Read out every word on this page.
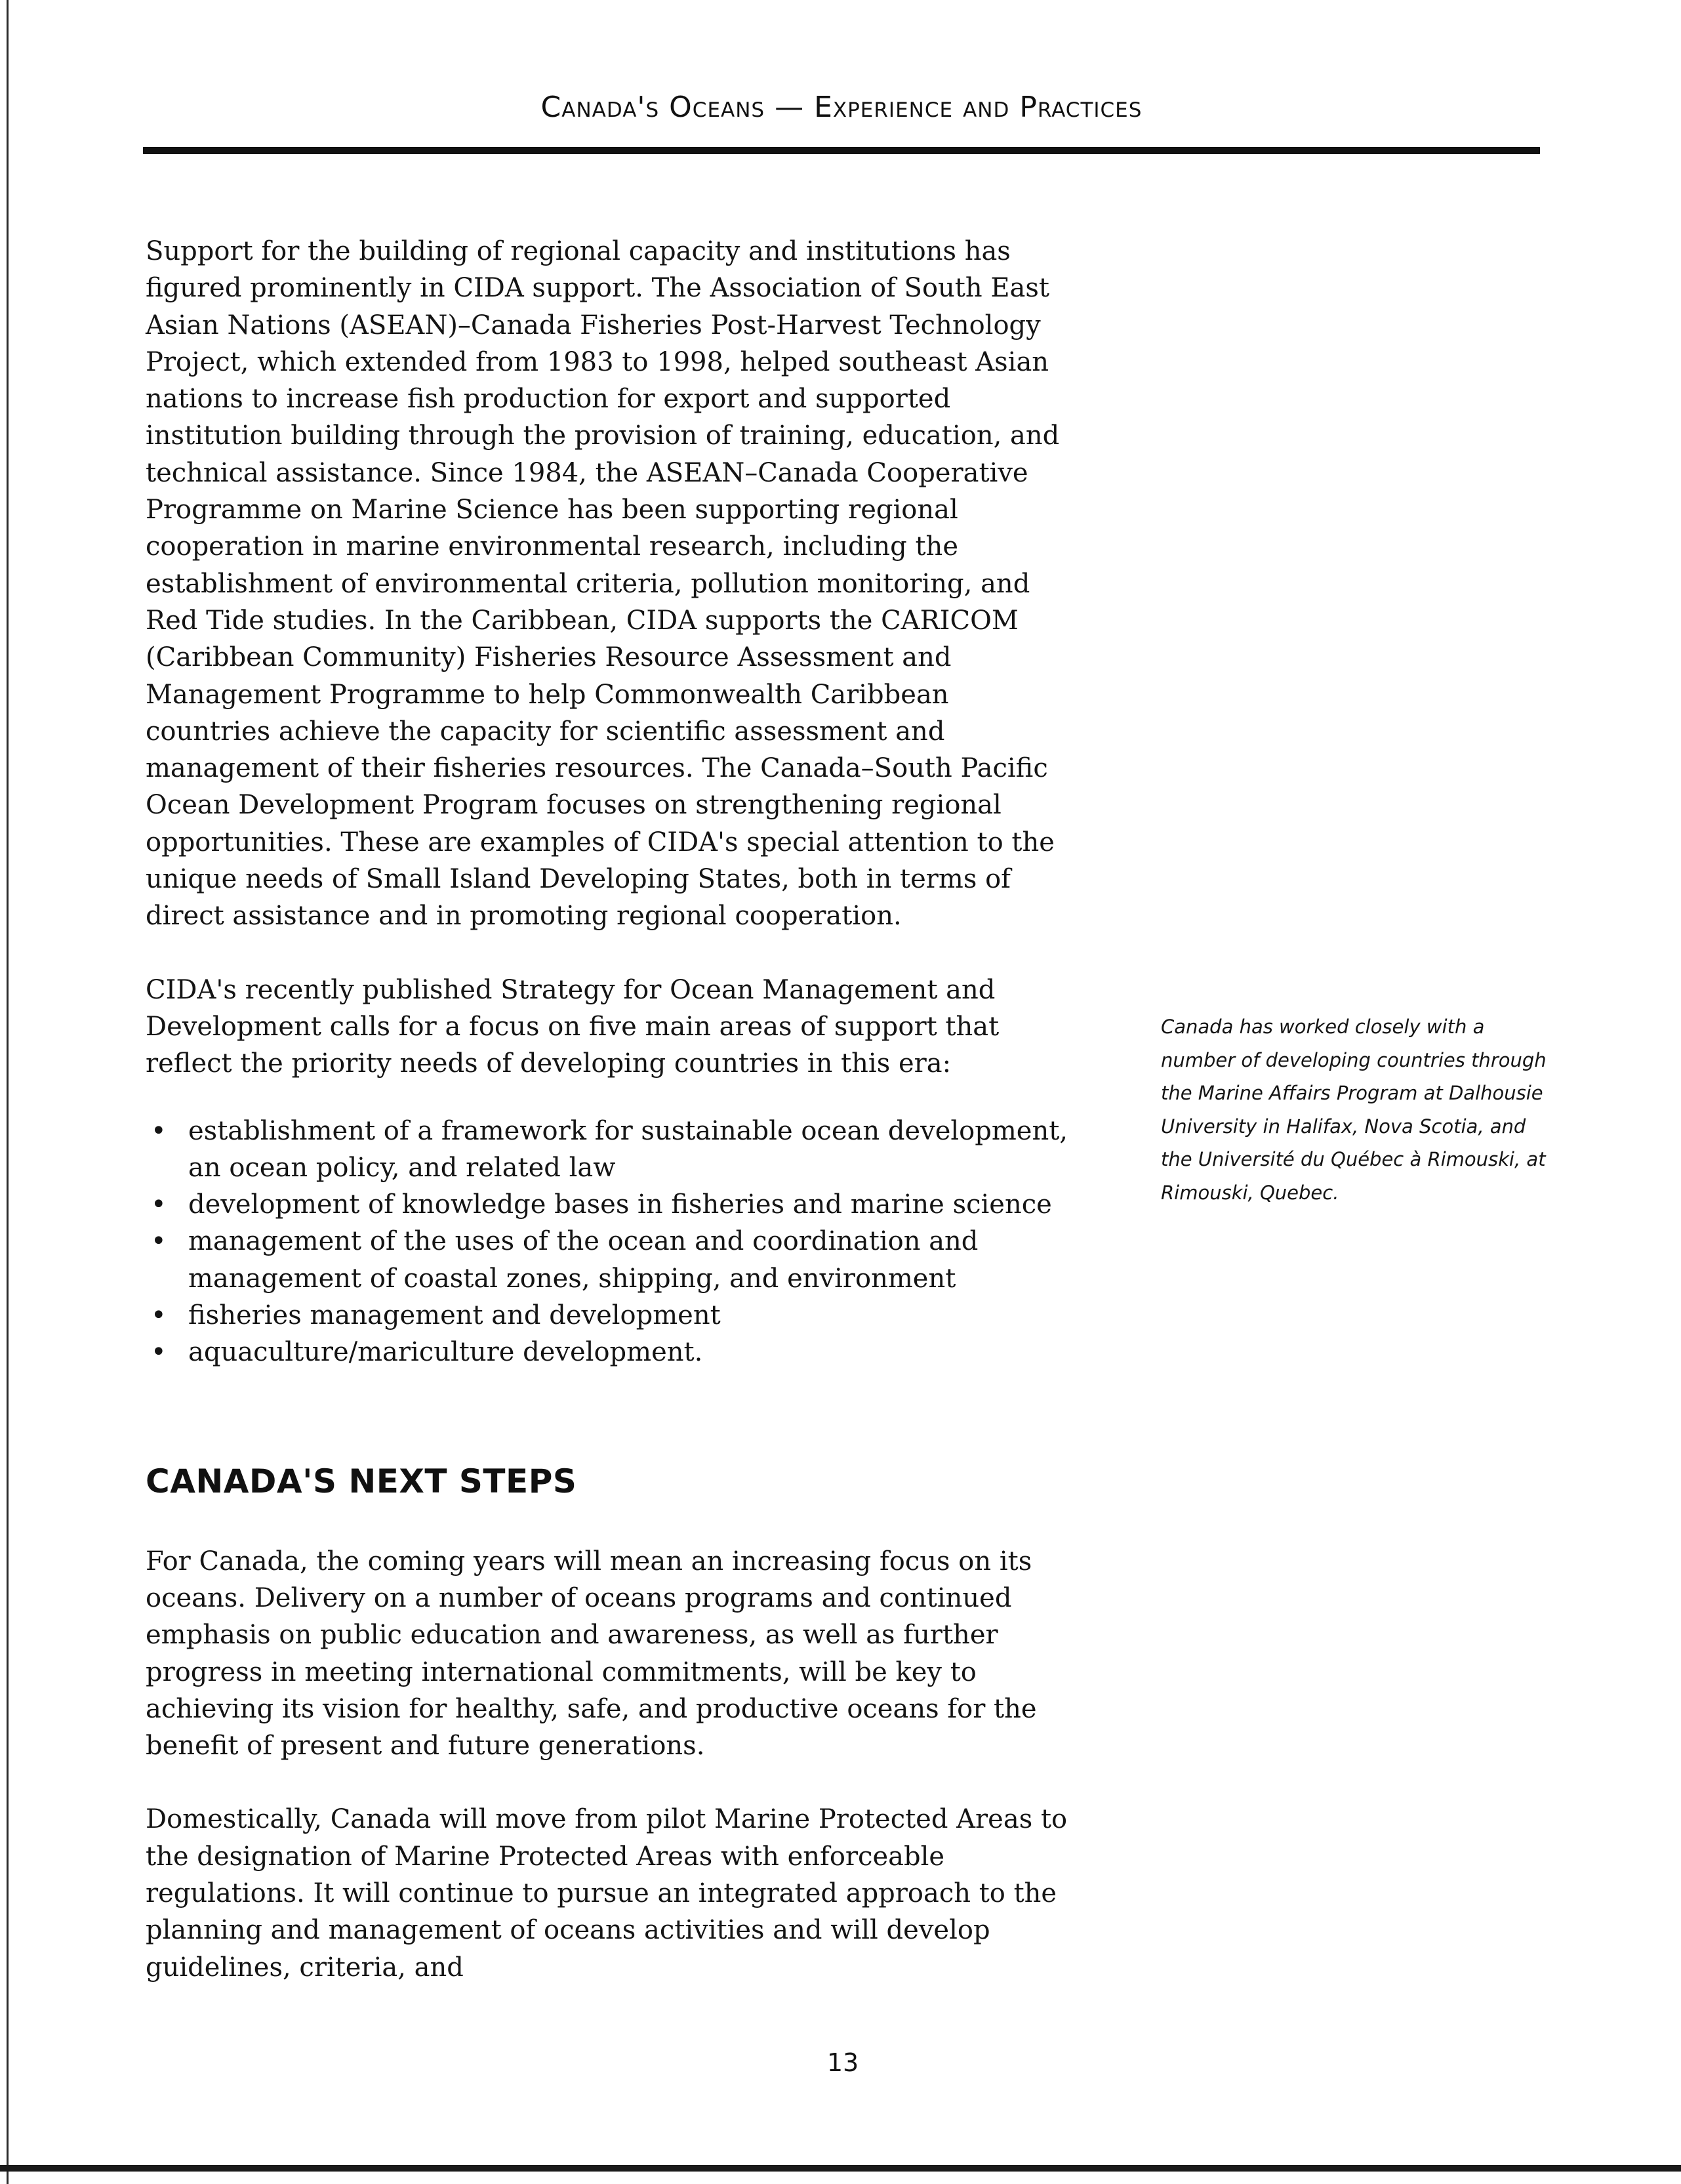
Canada's Oceans — Experience and Practices

Support for the building of regional capacity and institutions has figured prominently in CIDA support. The Association of South East Asian Nations (ASEAN)–Canada Fisheries Post-Harvest Technology Project, which extended from 1983 to 1998, helped southeast Asian nations to increase fish production for export and supported institution building through the provision of training, education, and technical assistance. Since 1984, the ASEAN–Canada Cooperative Programme on Marine Science has been supporting regional cooperation in marine environmental research, including the establishment of environmental criteria, pollution monitoring, and Red Tide studies. In the Caribbean, CIDA supports the CARICOM (Caribbean Community) Fisheries Resource Assessment and Management Programme to help Commonwealth Caribbean countries achieve the capacity for scientific assessment and management of their fisheries resources. The Canada–South Pacific Ocean Development Program focuses on strengthening regional opportunities. These are examples of CIDA's special attention to the unique needs of Small Island Developing States, both in terms of direct assistance and in promoting regional cooperation.

CIDA's recently published Strategy for Ocean Management and Development calls for a focus on five main areas of support that reflect the priority needs of developing countries in this era:

• establishment of a framework for sustainable ocean development, an ocean policy, and related law
• development of knowledge bases in fisheries and marine science
• management of the uses of the ocean and coordination and management of coastal zones, shipping, and environment
• fisheries management and development
• aquaculture/mariculture development.
CANADA'S NEXT STEPS

For Canada, the coming years will mean an increasing focus on its oceans. Delivery on a number of oceans programs and continued emphasis on public education and awareness, as well as further progress in meeting international commitments, will be key to achieving its vision for healthy, safe, and productive oceans for the benefit of present and future generations.

Domestically, Canada will move from pilot Marine Protected Areas to the designation of Marine Protected Areas with enforceable regulations. It will continue to pursue an integrated approach to the planning and management of oceans activities and will develop guidelines, criteria, and

Canada has worked closely with a number of developing countries through the Marine Affairs Program at Dalhousie University in Halifax, Nova Scotia, and the Université du Québec à Rimouski, at Rimouski, Quebec.
13
